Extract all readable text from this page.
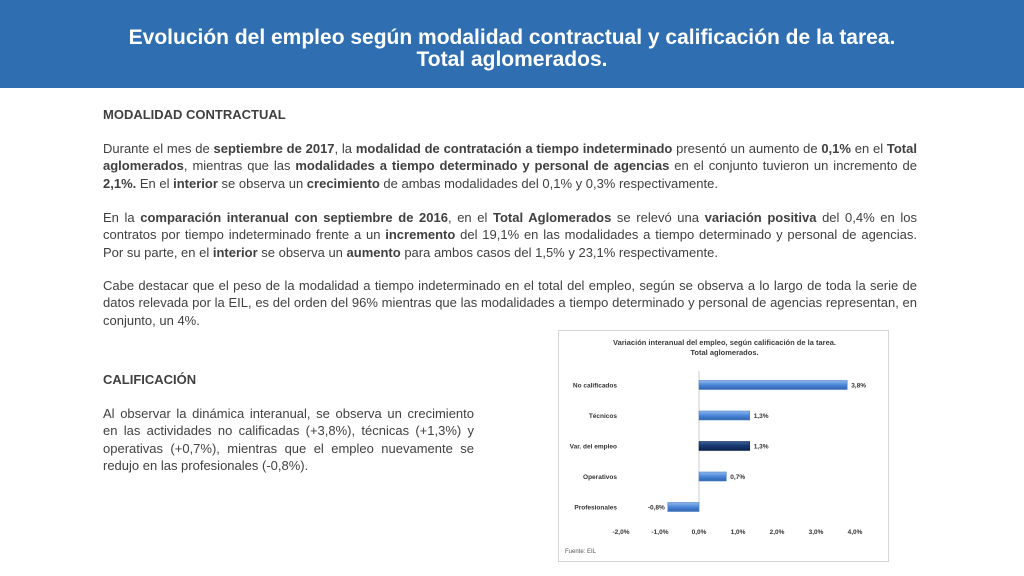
Evolución del empleo según modalidad contractual y calificación de la tarea.
Total aglomerados.

MODALIDAD CONTRACTUAL

Durante el mes de septiembre de 2017, la modalidad de contratación a tiempo indeterminado presentó un aumento de 0,1% en el Total aglomerados, mientras que las modalidades a tiempo determinado y personal de agencias en el conjunto tuvieron un incremento de 2,1%. En el interior se observa un crecimiento de ambas modalidades del 0,1% y 0,3% respectivamente.

En la comparación interanual con septiembre de 2016, en el Total Aglomerados se relevó una variación positiva del 0,4% en los contratos por tiempo indeterminado frente a un incremento del 19,1% en las modalidades a tiempo determinado y personal de agencias. Por su parte, en el interior se observa un aumento para ambos casos del 1,5% y 23,1% respectivamente.

Cabe destacar que el peso de la modalidad a tiempo indeterminado en el total del empleo, según se observa a lo largo de toda la serie de datos relevada por la EIL, es del orden del 96% mientras que las modalidades a tiempo determinado y personal de agencias representan, en conjunto, un 4%.

CALIFICACIÓN

Al observar la dinámica interanual, se observa un crecimiento en las actividades no calificadas (+3,8%), técnicas (+1,3%) y operativas (+0,7%), mientras que el empleo nuevamente se redujo en las profesionales (-0,8%).

Variación interanual del empleo, según calificación de la tarea.
Total aglomerados.
No calificados	3,8%
Técnicos	1,3%
Var. del empleo	1,3%
Operativos	0,7%
Profesionales	-0,8%
-2,0%	-1,0%	0,0%	1,0%	2,0%	3,0%	4,0%
Fuente: EIL
